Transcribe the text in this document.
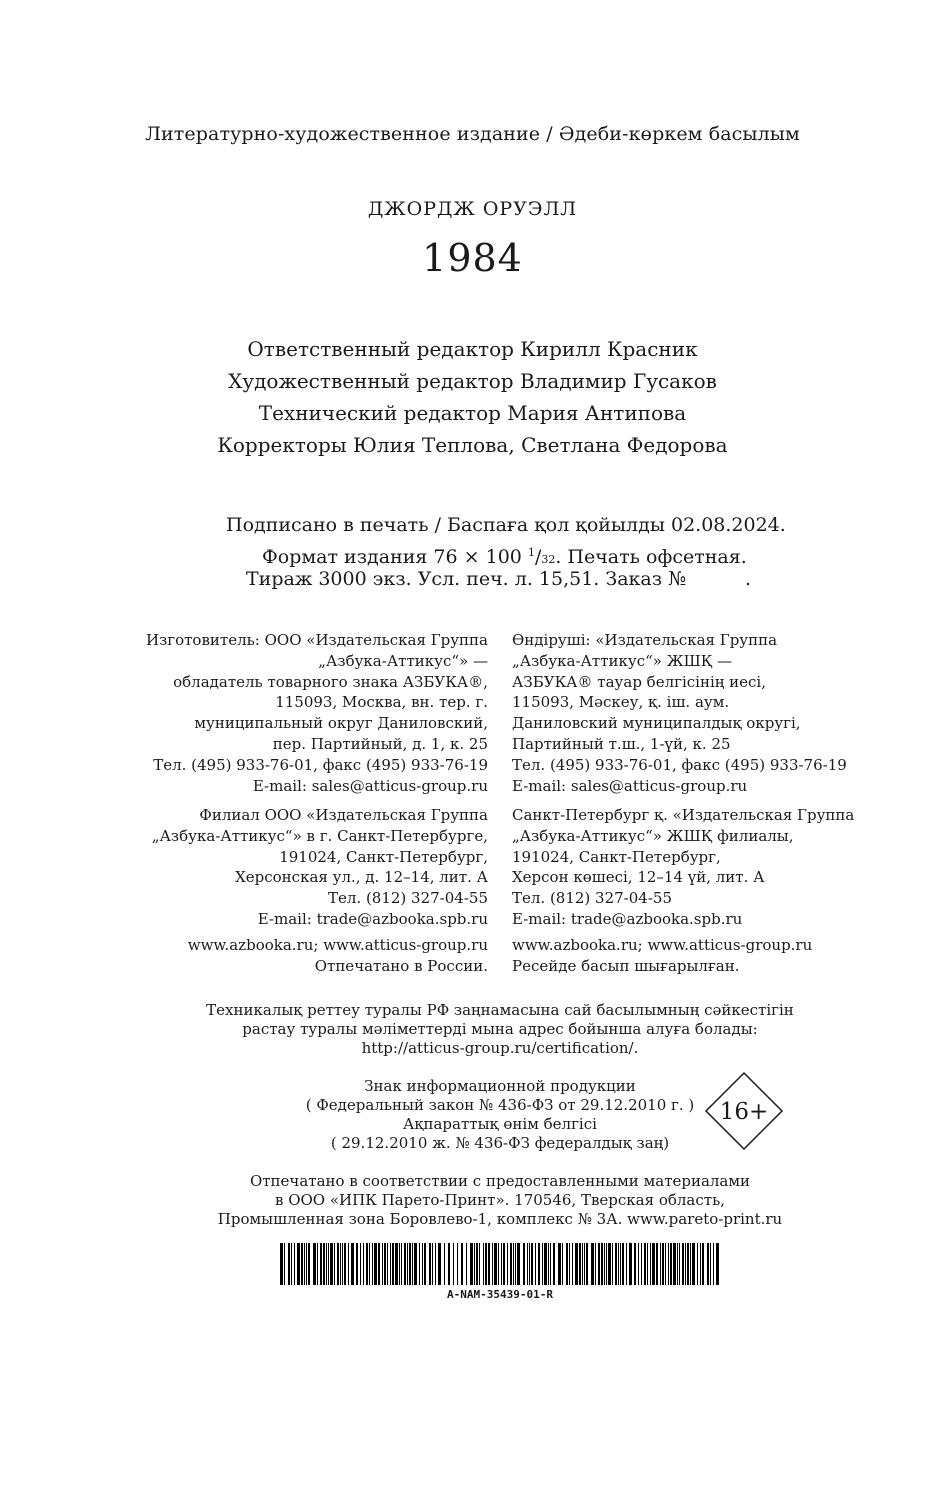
Литературно-художественное издание / Әдеби-көркем басылым
ДЖОРДЖ ОРУЭЛЛ
1984
Ответственный редактор Кирилл Красник
Художественный редактор Владимир Гусаков
Технический редактор Мария Антипова
Корректоры Юлия Теплова, Светлана Федорова
Подписано в печать / Баспаға қол қойылды 02.08.2024.
Формат издания 76 × 100 $^1$/32. Печать офсетная.
Тираж 3000 экз. Усл. печ. л. 15,51. Заказ №	.
Изготовитель: ООО «Издательская Группа
„Азбука-Аттикус“» —
обладатель товарного знака АЗБУКА®,
115093, Москва, вн. тер. г.
муниципальный округ Даниловский,
пер. Партийный, д. 1, к. 25
Тел. (495) 933-76-01, факс (495) 933-76-19
E-mail: sales@atticus-group.ru
Филиал ООО «Издательская Группа
„Азбука-Аттикус“» в г. Санкт-Петербурге,
191024, Санкт-Петербург,
Херсонская ул., д. 12–14, лит. А
Тел. (812) 327-04-55
E-mail: trade@azbooka.spb.ru
www.azbooka.ru; www.atticus-group.ru
Отпечатано в России.
Өндіруші: «Издательская Группа
„Азбука-Аттикус“» ЖШҚ —
АЗБУКА® тауар белгісінің иесі,
115093, Мәскеу, қ. іш. аум.
Даниловский муниципалдық округі,
Партийный т.ш., 1-үй, к. 25
Тел. (495) 933-76-01, факс (495) 933-76-19
E-mail: sales@atticus-group.ru
Санкт-Петербург қ. «Издательская Группа
„Азбука-Аттикус“» ЖШҚ филиалы,
191024, Санкт-Петербург,
Херсон көшесі, 12–14 үй, лит. А
Тел. (812) 327-04-55
E-mail: trade@azbooka.spb.ru
www.azbooka.ru; www.atticus-group.ru
Ресейде басып шығарылған.
Техникалық реттеу туралы РФ заңнамасына сай басылымның сәйкестігін
растау туралы мәліметтерді мына адрес бойынша алуға болады:
http://atticus-group.ru/certification/.
Знак информационной продукции
( Федеральный закон № 436-ФЗ от 29.12.2010 г. )
Ақпараттық өнім белгісі
( 29.12.2010 ж. № 436-ФЗ федералдық заң)
16+
Отпечатано в соответствии с предоставленными материалами
в ООО «ИПК Парето-Принт». 170546, Тверская область,
Промышленная зона Боровлево-1, комплекс № 3А. www.pareto-print.ru
A-NAM-35439-01-R
